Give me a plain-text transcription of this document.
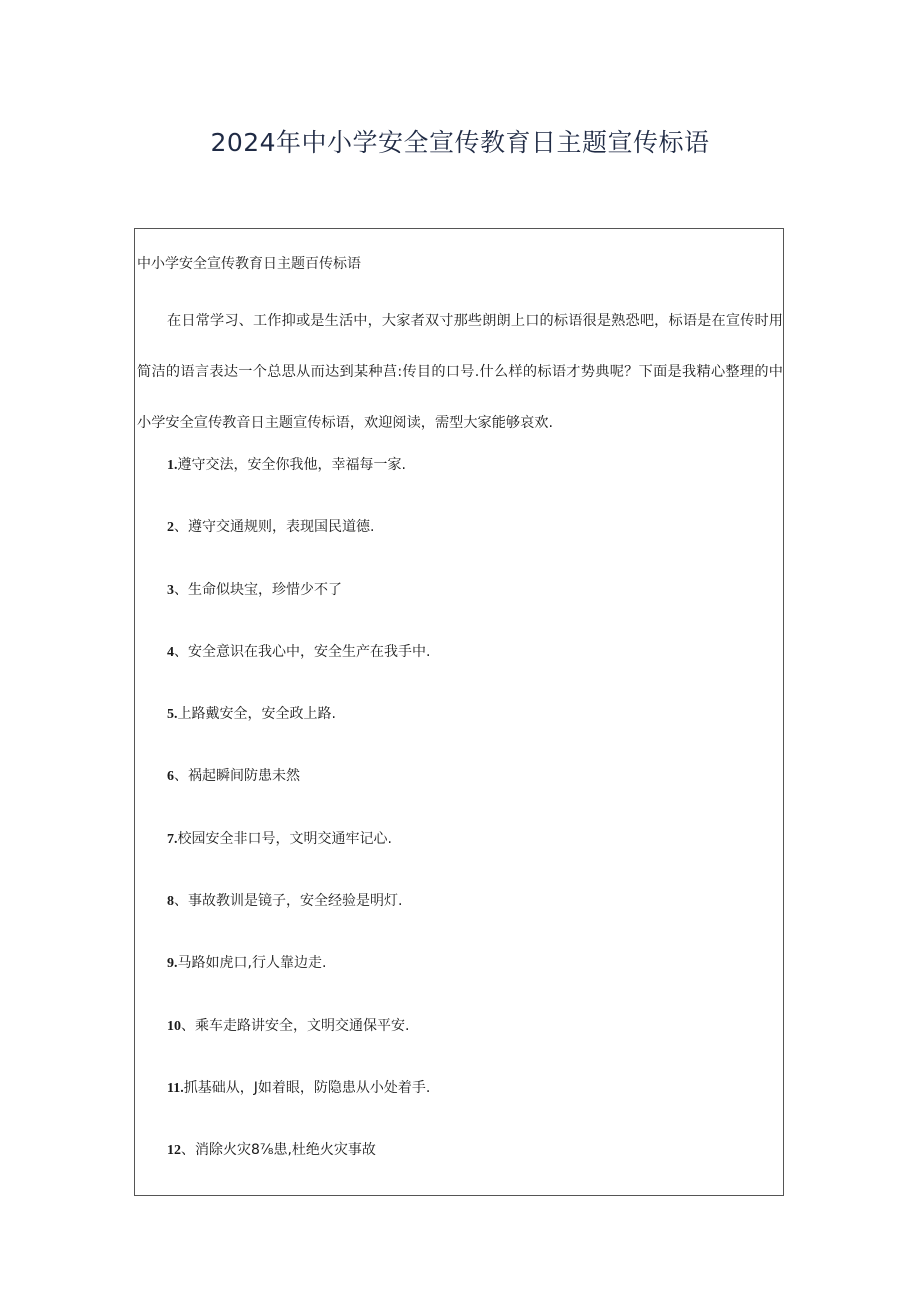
2024年中小学安全宣传教育日主题宣传标语

中小学安全宣传教育日主题百传标语

在日常学习、工作抑或是生活中，大家者双寸那些朗朗上口的标语很是熟恐吧，标语是在宣传时用简洁的语言表达一个总思从而达到某种莒:传目的口号.什么样的标语才势典呢？下面是我精心整理的中小学安全宣传教音日主题宣传标语，欢迎阅读，需型大家能够哀欢.

1.遵守交法，安全你我他，幸福每一家.
2、遵守交通规则，表现国民道德.
3、生命似块宝，珍惜少不了
4、安全意识在我心中，安全生产在我手中.
5.上路戴安全，安全政上路.
6、祸起瞬间防患未然
7.校园安全非口号，文明交通牢记心.
8、事故教训是镜子，安全经验是明灯.
9.马路如虎口,行人靠边走.
10、乘车走路讲安全，文明交通保平安.
11.抓基础从，J如着眼，防隐患从小处着手.
12、消除火灾8⅞患,杜绝火灾事故
